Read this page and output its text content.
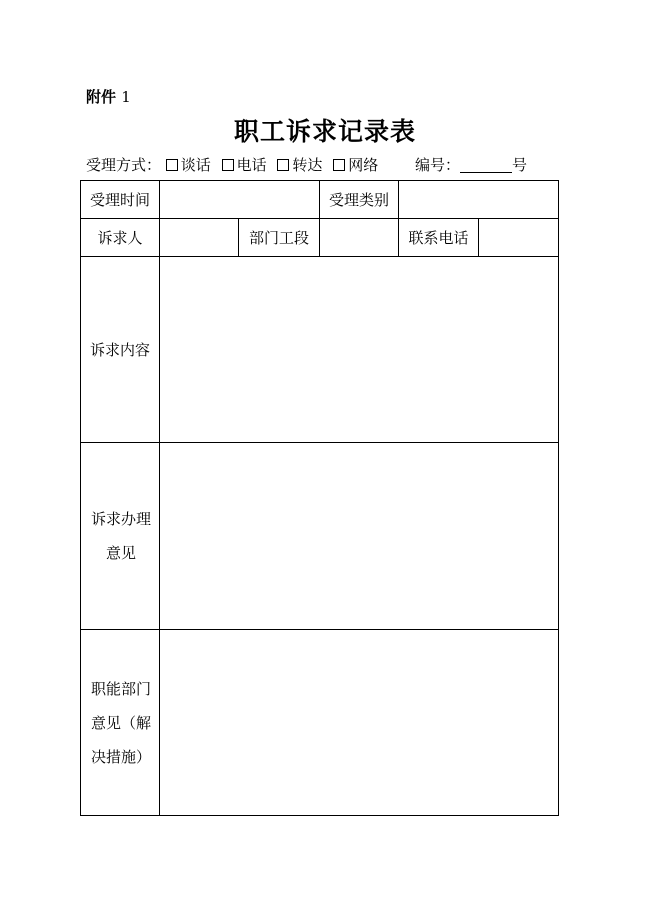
附件 1
职工诉求记录表
受理方式： 谈话 电话 转达 网络	编号：	号
受理时间			受理类别		
诉求人		部门工段		联系电话	
诉求内容					

诉求办理
意见					

职能部门
意见（解
决措施）					
